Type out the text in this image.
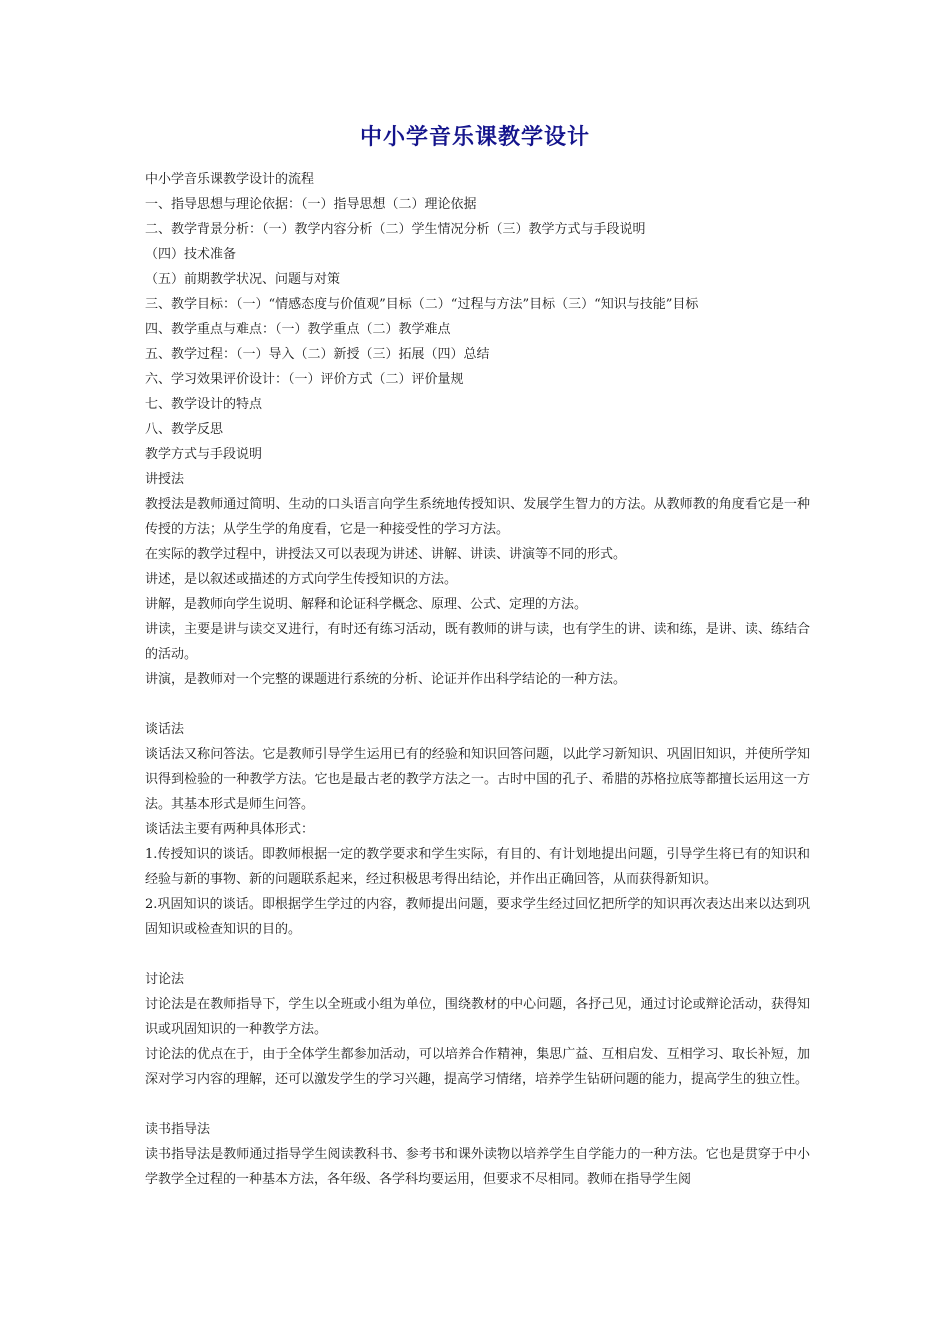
中小学音乐课教学设计
中小学音乐课教学设计的流程
一、指导思想与理论依据：（一）指导思想（二）理论依据
二、教学背景分析：（一）教学内容分析（二）学生情况分析（三）教学方式与手段说明
（四）技术准备
（五）前期教学状况、问题与对策
三、教学目标：（一）“情感态度与价值观”目标（二）“过程与方法”目标（三）“知识与技能”目标
四、教学重点与难点：（一）教学重点（二）教学难点
五、教学过程：（一）导入（二）新授（三）拓展（四）总结
六、学习效果评价设计：（一）评价方式（二）评价量规
七、教学设计的特点
八、教学反思
教学方式与手段说明
讲授法
教授法是教师通过简明、生动的口头语言向学生系统地传授知识、发展学生智力的方法。从教师教的角度看它是一种传授的方法；从学生学的角度看，它是一种接受性的学习方法。
在实际的教学过程中，讲授法又可以表现为讲述、讲解、讲读、讲演等不同的形式。
讲述，是以叙述或描述的方式向学生传授知识的方法。
讲解，是教师向学生说明、解释和论证科学概念、原理、公式、定理的方法。
讲读，主要是讲与读交叉进行，有时还有练习活动，既有教师的讲与读，也有学生的讲、读和练，是讲、读、练结合的活动。
讲演，是教师对一个完整的课题进行系统的分析、论证并作出科学结论的一种方法。
谈话法
谈话法又称问答法。它是教师引导学生运用已有的经验和知识回答问题，以此学习新知识、巩固旧知识，并使所学知识得到检验的一种教学方法。它也是最古老的教学方法之一。古时中国的孔子、希腊的苏格拉底等都擅长运用这一方法。其基本形式是师生问答。
谈话法主要有两种具体形式：
1.传授知识的谈话。即教师根据一定的教学要求和学生实际，有目的、有计划地提出问题，引导学生将已有的知识和经验与新的事物、新的问题联系起来，经过积极思考得出结论，并作出正确回答，从而获得新知识。
2.巩固知识的谈话。即根据学生学过的内容，教师提出问题，要求学生经过回忆把所学的知识再次表达出来以达到巩固知识或检查知识的目的。
讨论法
讨论法是在教师指导下，学生以全班或小组为单位，围绕教材的中心问题，各抒己见，通过讨论或辩论活动，获得知识或巩固知识的一种教学方法。
讨论法的优点在于，由于全体学生都参加活动，可以培养合作精神，集思广益、互相启发、互相学习、取长补短，加深对学习内容的理解，还可以激发学生的学习兴趣，提高学习情绪，培养学生钻研问题的能力，提高学生的独立性。
读书指导法
读书指导法是教师通过指导学生阅读教科书、参考书和课外读物以培养学生自学能力的一种方法。它也是贯穿于中小学教学全过程的一种基本方法，各年级、各学科均要运用，但要求不尽相同。教师在指导学生阅
